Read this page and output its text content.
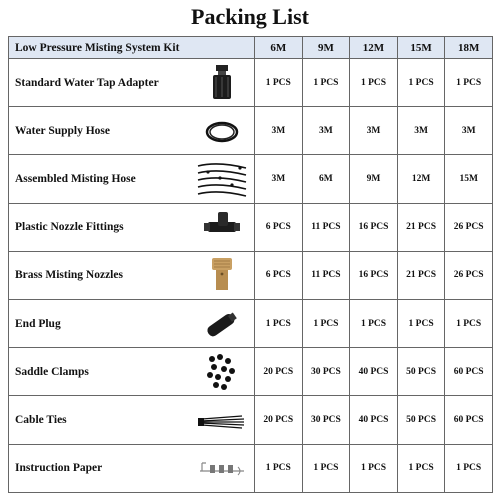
Packing List
Low Pressure Misting System Kit	6M	9M	12M	15M	18M
Standard Water Tap Adapter	1 PCS	1 PCS	1 PCS	1 PCS	1 PCS
Water Supply Hose	3M	3M	3M	3M	3M
Assembled Misting Hose	3M	6M	9M	12M	15M
Plastic Nozzle Fittings	6 PCS	11 PCS	16 PCS	21 PCS	26 PCS
Brass Misting Nozzles	6 PCS	11 PCS	16 PCS	21 PCS	26 PCS
End Plug	1 PCS	1 PCS	1 PCS	1 PCS	1 PCS
Saddle Clamps	20 PCS	30 PCS	40 PCS	50 PCS	60 PCS
Cable Ties	20 PCS	30 PCS	40 PCS	50 PCS	60 PCS
Instruction Paper	1 PCS	1 PCS	1 PCS	1 PCS	1 PCS
